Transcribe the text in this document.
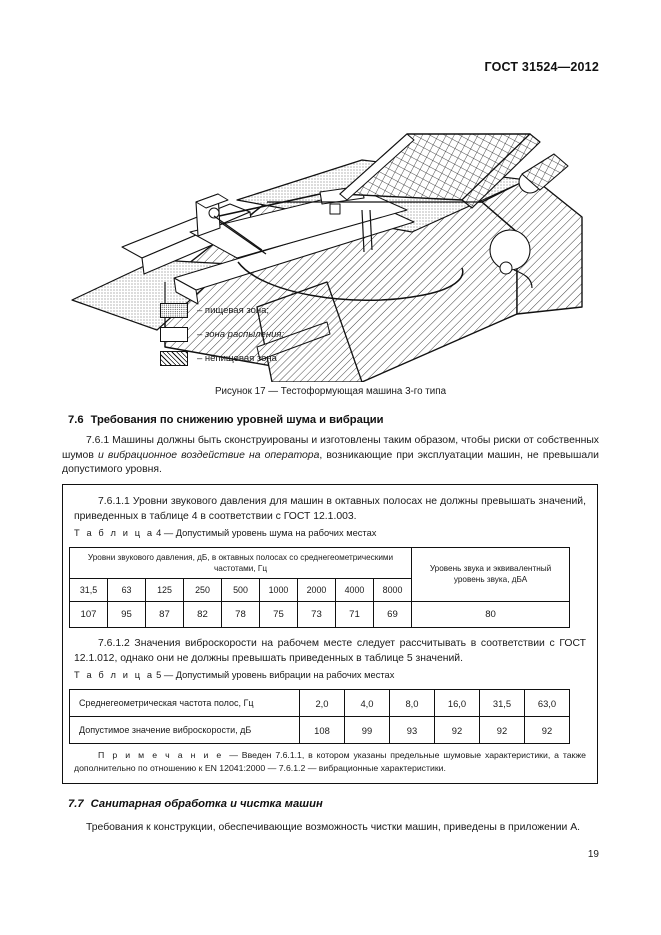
ГОСТ 31524—2012
– пищевая зона;
– зона распыления;
– непищевая зона
Рисунок 17 — Тестоформующая машина 3-го типа
7.6 Требования по снижению уровней шума и вибрации
7.6.1 Машины должны быть сконструированы и изготовлены таким образом, чтобы риски от собственных шумов и вибрационное воздействие на оператора, возникающие при эксплуатации машин, не превышали допустимого уровня.
7.6.1.1 Уровни звукового давления для машин в октавных полосах не должны превышать значений, приведенных в таблице 4 в соответствии с ГОСТ 12.1.003.
Т а б л и ц а 4 — Допустимый уровень шума на рабочих местах
Уровни звукового давления, дБ, в октавных полосах со среднегеометрическими частотами, Гц									Уровень звука и эквивалентный уровень звука, дБА
31,5	63	125	250	500	1000	2000	4000	8000	
107	95	87	82	78	75	73	71	69	80
7.6.1.2 Значения виброскорости на рабочем месте следует рассчитывать в соответствии с ГОСТ 12.1.012, однако они не должны превышать приведенных в таблице 5 значений.
Т а б л и ц а 5 — Допустимый уровень вибрации на рабочих местах
Среднегеометрическая частота полос, Гц	2,0	4,0	8,0	16,0	31,5	63,0
Допустимое значение виброскорости, дБ	108	99	93	92	92	92
П р и м е ч а н и е — Введен 7.6.1.1, в котором указаны предельные шумовые характеристики, а также дополнительно по отношению к EN 12041:2000 — 7.6.1.2 — вибрационные характеристики.
7.7 Санитарная обработка и чистка машин
Требования к конструкции, обеспечивающие возможность чистки машин, приведены в приложении А.
19
